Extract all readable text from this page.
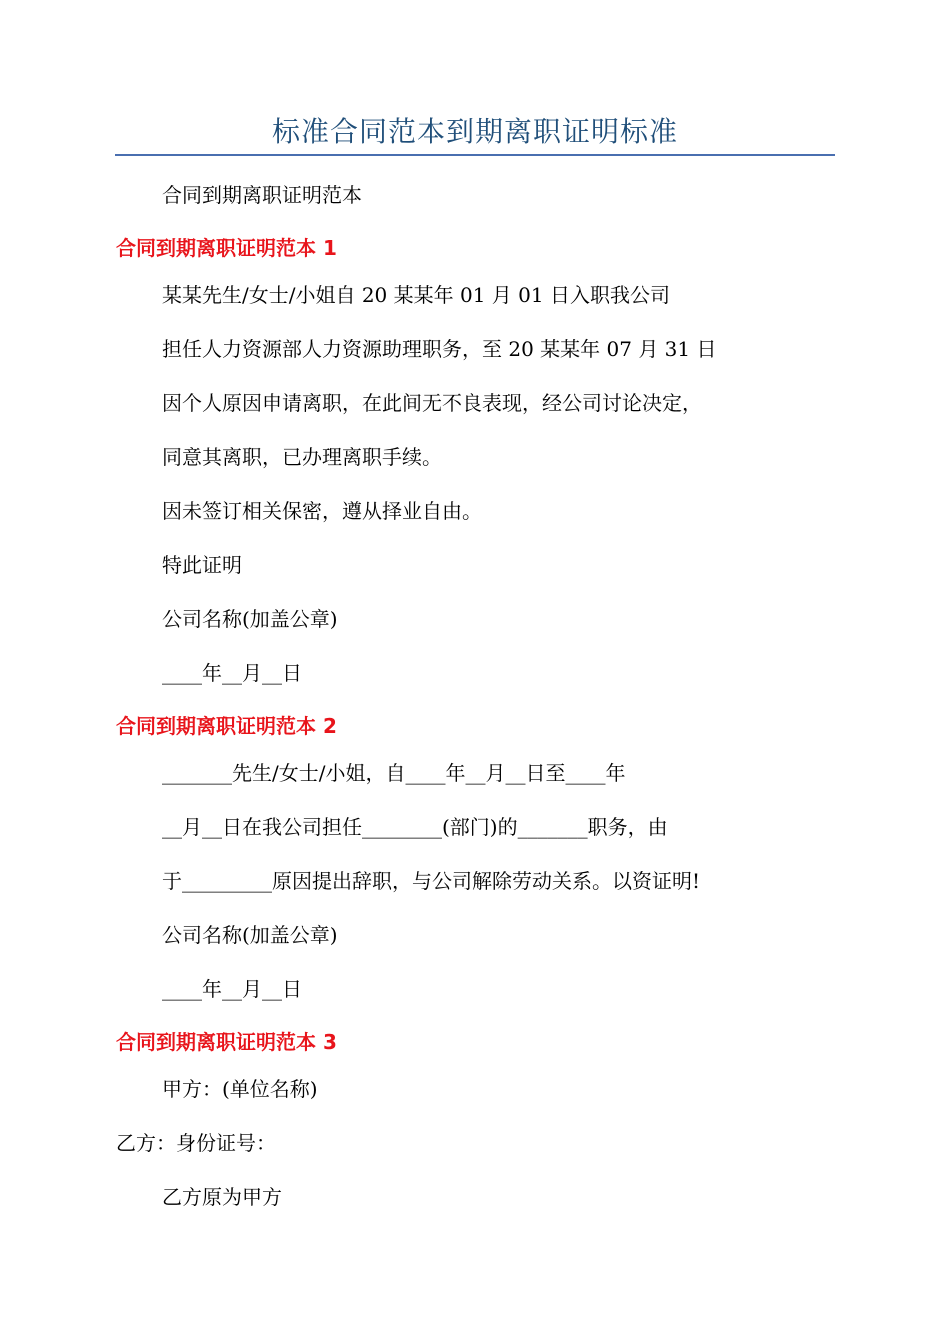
标准合同范本到期离职证明标准
合同到期离职证明范本
合同到期离职证明范本 1
某某先生/女士/小姐自 20 某某年 01 月 01 日入职我公司
担任人力资源部人力资源助理职务，至 20 某某年 07 月 31 日
因个人原因申请离职，在此间无不良表现，经公司讨论决定，
同意其离职，已办理离职手续。
因未签订相关保密，遵从择业自由。
特此证明
公司名称(加盖公章)
____年__月__日
合同到期离职证明范本 2
_______先生/女士/小姐，自____年__月__日至____年
__月__日在我公司担任________(部门)的_______职务，由
于_________原因提出辞职，与公司解除劳动关系。以资证明!
公司名称(加盖公章)
____年__月__日
合同到期离职证明范本 3
甲方：(单位名称)
乙方：身份证号：
乙方原为甲方
